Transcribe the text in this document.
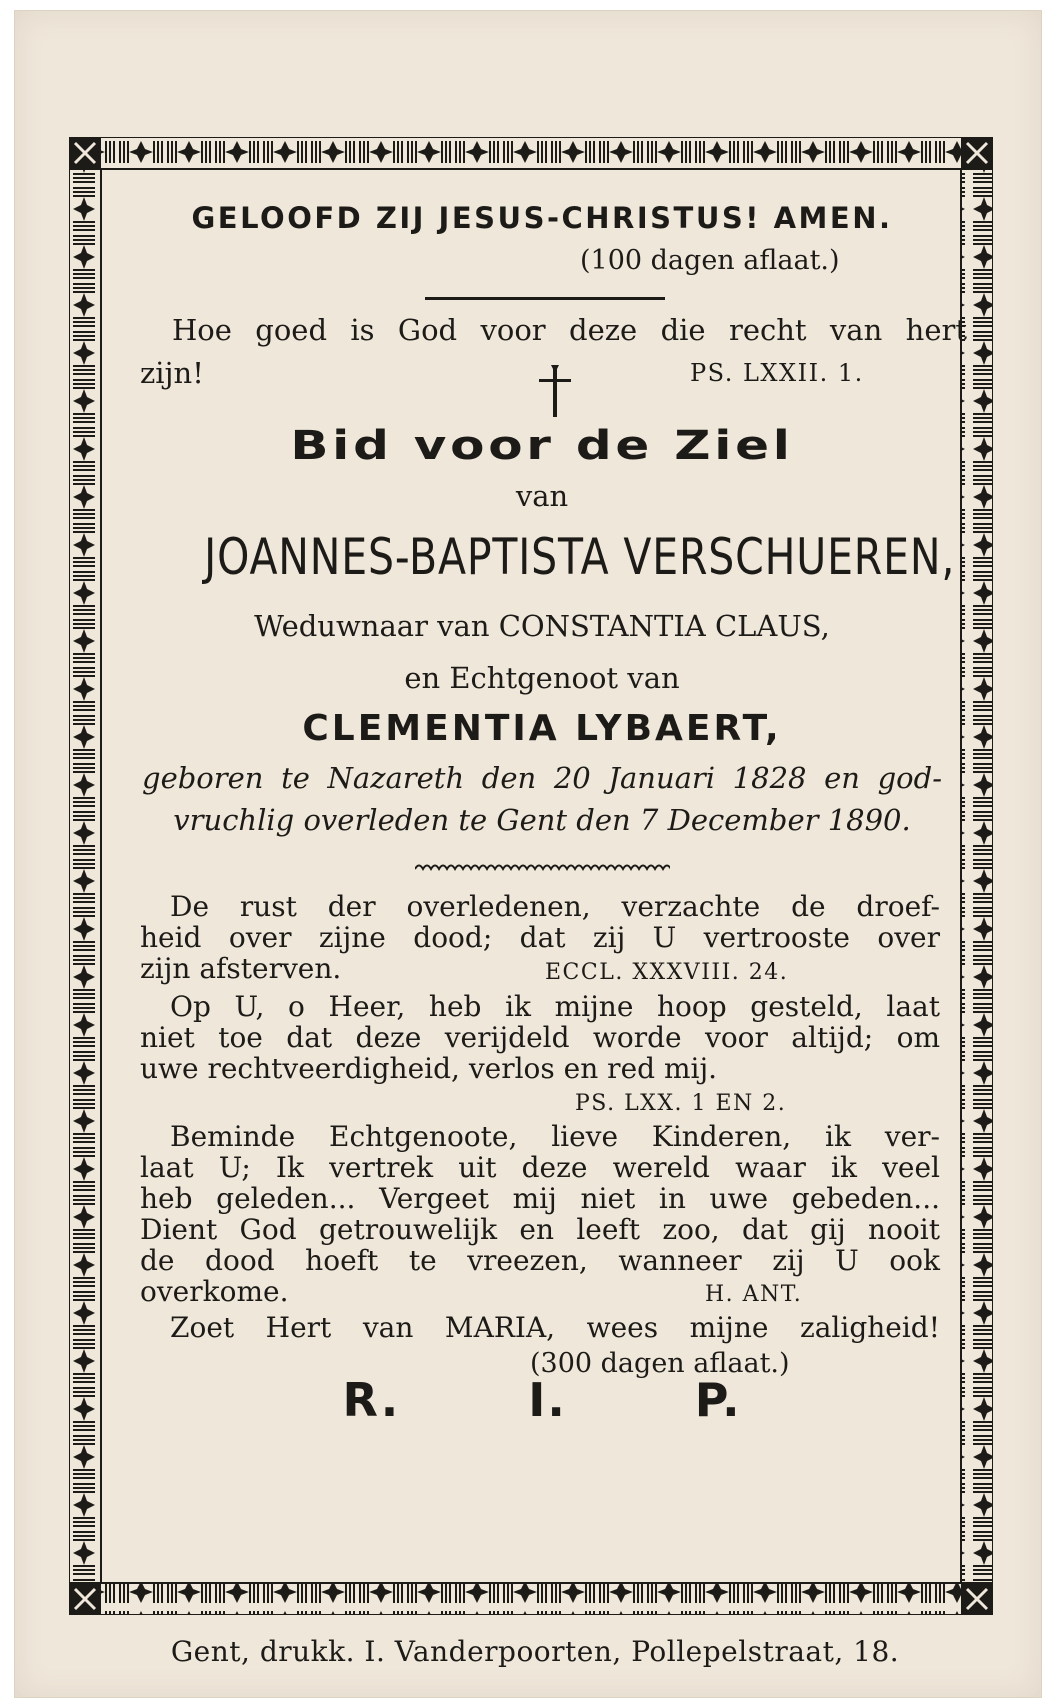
GELOOFD ZIJ JESUS-CHRISTUS! AMEN.
(100 dagen aflaat.)
Hoe goed is God voor deze die recht van hert
zijn!	PS. LXXII. 1.
Bid voor de Ziel
van
JOANNES-BAPTISTA VERSCHUEREN,
Weduwnaar van CONSTANTIA CLAUS,
en Echtgenoot van
CLEMENTIA LYBAERT,
geboren te Nazareth den 20 Januari 1828 en god-
vruchlig overleden te Gent den 7 December 1890.
De rust der overledenen, verzachte de droef-
heid over zijne dood; dat zij U vertrooste over
zijn afsterven.	ECCL. XXXVIII. 24.
Op U, o Heer, heb ik mijne hoop gesteld, laat
niet toe dat deze verijdeld worde voor altijd; om
uwe rechtveerdigheid, verlos en red mij.
PS. LXX. 1 EN 2.
Beminde Echtgenoote, lieve Kinderen, ik ver-
laat U; Ik vertrek uit deze wereld waar ik veel
heb geleden... Vergeet mij niet in uwe gebeden...
Dient God getrouwelijk en leeft zoo, dat gij nooit
de dood hoeft te vreezen, wanneer zij U ook
overkome.	H. ANT.
Zoet Hert van MARIA, wees mijne zaligheid!
(300 dagen aflaat.)
R. I. P.
Gent, drukk. I. Vanderpoorten, Pollepelstraat, 18.
